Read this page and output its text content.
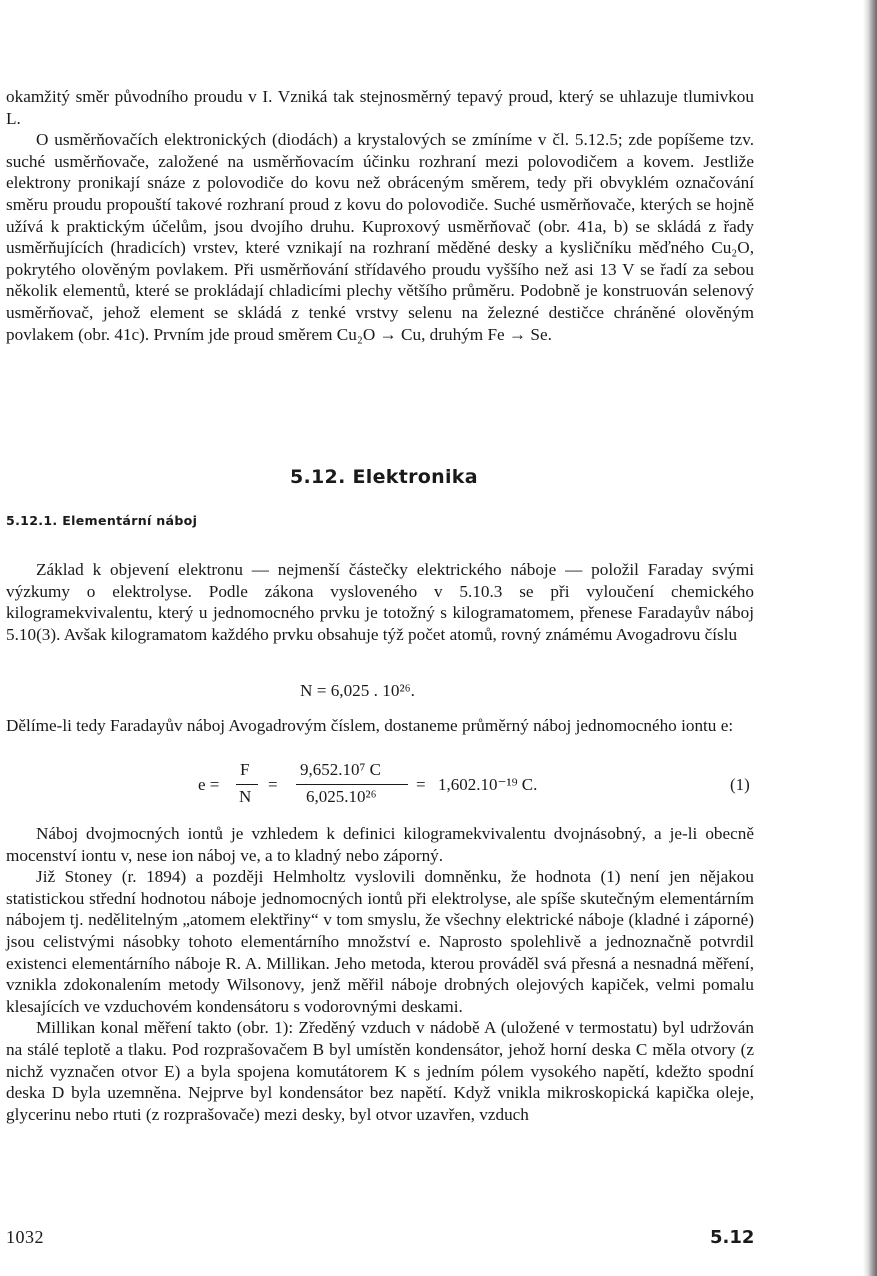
okamžitý směr původního proudu v I. Vzniká tak stejnosměrný tepavý proud, který se uhlazuje tlumivkou L.

O usměrňovačích elektronických (diodách) a krystalových se zmíníme v čl. 5.12.5; zde popíšeme tzv. suché usměrňovače, založené na usměrňovacím účinku rozhraní mezi polovodičem a kovem. Jestliže elektrony pronikají snáze z polovodiče do kovu než obráceným směrem, tedy při obvyklém označování směru proudu propouští takové rozhraní proud z kovu do polovodiče. Suché usměrňovače, kterých se hojně užívá k praktickým účelům, jsou dvojího druhu. Kuproxový usměrňovač (obr. 41a, b) se skládá z řady usměrňujících (hradicích) vrstev, které vznikají na rozhraní měděné desky a kysličníku měďného Cu₂O, pokrytého olověným povlakem. Při usměrňování střídavého proudu vyššího než asi 13 V se řadí za sebou několik elementů, které se prokládají chladicími plechy většího průměru. Podobně je konstruován selenový usměrňovač, jehož element se skládá z tenké vrstvy selenu na železné destičce chráněné olověným povlakem (obr. 41c). Prvním jde proud směrem Cu₂O → Cu, druhým Fe → Se.

5.12. Elektronika
5.12.1. Elementární náboj

Základ k objevení elektronu — nejmenší částečky elektrického náboje — položil Faraday svými výzkumy o elektrolyse. Podle zákona vysloveného v 5.10.3 se při vyloučení chemického kilogramekvivalentu, který u jednomocného prvku je totožný s kilogramatomem, přenese Faradayův náboj 5.10(3). Avšak kilogramatom každého prvku obsahuje týž počet atomů, rovný známému Avogadrovu číslu

N = 6,025 . 10²⁶.

Dělíme-li tedy Faradayův náboj Avogadrovým číslem, dostaneme průměrný náboj jednomocného iontu e:

e =
F
N
=
9,652.10⁷ C
6,025.10²⁶
= 1,602.10⁻¹⁹ C.	(1)

Náboj dvojmocných iontů je vzhledem k definici kilogramekvivalentu dvojnásobný, a je-li obecně mocenství iontu v, nese ion náboj ve, a to kladný nebo záporný.

Již Stoney (r. 1894) a později Helmholtz vyslovili domněnku, že hodnota (1) není jen nějakou statistickou střední hodnotou náboje jednomocných iontů při elektrolyse, ale spíše skutečným elementárním nábojem tj. nedělitelným „atomem elektřiny“ v tom smyslu, že všechny elektrické náboje (kladné i záporné) jsou celistvými násobky tohoto elementárního množství e. Naprosto spolehlivě a jednoznačně potvrdil existenci elementárního náboje R. A. Millikan. Jeho metoda, kterou prováděl svá přesná a nesnadná měření, vznikla zdokonalením metody Wilsonovy, jenž měřil náboje drobných olejových kapiček, velmi pomalu klesajících ve vzduchovém kondensátoru s vodorovnými deskami.

Millikan konal měření takto (obr. 1): Zředěný vzduch v nádobě A (uložené v termostatu) byl udržován na stálé teplotě a tlaku. Pod rozprašovačem B byl umístěn kondensátor, jehož horní deska C měla otvory (z nichž vyznačen otvor E) a byla spojena komutátorem K s jedním pólem vysokého napětí, kdežto spodní deska D byla uzemněna. Nejprve byl kondensátor bez napětí. Když vnikla mikroskopická kapička oleje, glycerinu nebo rtuti (z rozprašovače) mezi desky, byl otvor uzavřen, vzduch

1032	5.12
